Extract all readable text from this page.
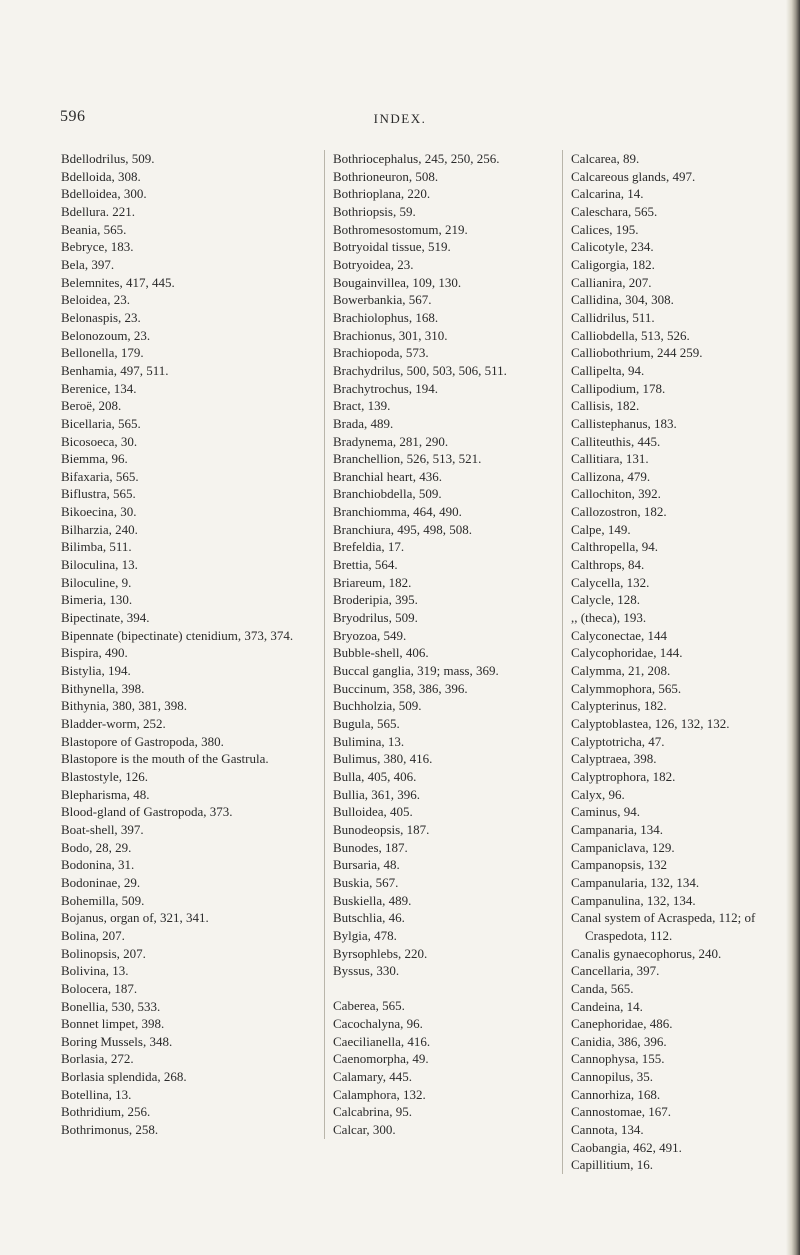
596	INDEX.
Bdellodrilus, 509.
Bdelloida, 308.
Bdelloidea, 300.
Bdellura. 221.
Beania, 565.
Bebryce, 183.
Bela, 397.
Belemnites, 417, 445.
Beloidea, 23.
Belonaspis, 23.
Belonozoum, 23.
Bellonella, 179.
Benhamia, 497, 511.
Berenice, 134.
Beroë, 208.
Bicellaria, 565.
Bicosoeca, 30.
Biemma, 96.
Bifaxaria, 565.
Biflustra, 565.
Bikoecina, 30.
Bilharzia, 240.
Bilimba, 511.
Biloculina, 13.
Biloculine, 9.
Bimeria, 130.
Bipectinate, 394.
Bipennate (bipectinate) ctenidium, 373, 374.
Bispira, 490.
Bistylia, 194.
Bithynella, 398.
Bithynia, 380, 381, 398.
Bladder-worm, 252.
Blastopore of Gastropoda, 380.
Blastopore is the mouth of the Gastrula.
Blastostyle, 126.
Blepharisma, 48.
Blood-gland of Gastropoda, 373.
Boat-shell, 397.
Bodo, 28, 29.
Bodonina, 31.
Bodoninae, 29.
Bohemilla, 509.
Bojanus, organ of, 321, 341.
Bolina, 207.
Bolinopsis, 207.
Bolivina, 13.
Bolocera, 187.
Bonellia, 530, 533.
Bonnet limpet, 398.
Boring Mussels, 348.
Borlasia, 272.
Borlasia splendida, 268.
Botellina, 13.
Bothridium, 256.
Bothrimonus, 258.
Bothriocephalus, 245, 250, 256.
Bothrioneuron, 508.
Bothrioplana, 220.
Bothriopsis, 59.
Bothromesostomum, 219.
Botryoidal tissue, 519.
Botryoidea, 23.
Bougainvillea, 109, 130.
Bowerbankia, 567.
Brachiolophus, 168.
Brachionus, 301, 310.
Brachiopoda, 573.
Brachydrilus, 500, 503, 506, 511.
Brachytrochus, 194.
Bract, 139.
Brada, 489.
Bradynema, 281, 290.
Branchellion, 526, 513, 521.
Branchial heart, 436.
Branchiobdella, 509.
Branchiomma, 464, 490.
Branchiura, 495, 498, 508.
Brefeldia, 17.
Brettia, 564.
Briareum, 182.
Broderipia, 395.
Bryodrilus, 509.
Bryozoa, 549.
Bubble-shell, 406.
Buccal ganglia, 319; mass, 369.
Buccinum, 358, 386, 396.
Buchholzia, 509.
Bugula, 565.
Bulimina, 13.
Bulimus, 380, 416.
Bulla, 405, 406.
Bullia, 361, 396.
Bulloidea, 405.
Bunodeopsis, 187.
Bunodes, 187.
Bursaria, 48.
Buskia, 567.
Buskiella, 489.
Butschlia, 46.
Bylgia, 478.
Byrsophlebs, 220.
Byssus, 330.
Caberea, 565.
Cacochalyna, 96.
Caecilianella, 416.
Caenomorpha, 49.
Calamary, 445.
Calamphora, 132.
Calcabrina, 95.
Calcar, 300.
Calcarea, 89.
Calcareous glands, 497.
Calcarina, 14.
Caleschara, 565.
Calices, 195.
Calicotyle, 234.
Caligorgia, 182.
Callianira, 207.
Callidina, 304, 308.
Callidrilus, 511.
Calliobdella, 513, 526.
Calliobothrium, 244 259.
Callipelta, 94.
Callipodium, 178.
Callisis, 182.
Callistephanus, 183.
Calliteuthis, 445.
Callitiara, 131.
Callizona, 479.
Callochiton, 392.
Callozostron, 182.
Calpe, 149.
Calthropella, 94.
Calthrops, 84.
Calycella, 132.
Calycle, 128.
,, (theca), 193.
Calyconectae, 144
Calycophoridae, 144.
Calymma, 21, 208.
Calymmophora, 565.
Calypterinus, 182.
Calyptoblastea, 126, 132, 132.
Calyptotricha, 47.
Calyptraea, 398.
Calyptrophora, 182.
Calyx, 96.
Caminus, 94.
Campanaria, 134.
Campaniclava, 129.
Campanopsis, 132
Campanularia, 132, 134.
Campanulina, 132, 134.
Canal system of Acraspeda, 112; of Craspedota, 112.
Canalis gynaecophorus, 240.
Cancellaria, 397.
Canda, 565.
Candeina, 14.
Canephoridae, 486.
Canidia, 386, 396.
Cannophysa, 155.
Cannopilus, 35.
Cannorhiza, 168.
Cannostomae, 167.
Cannota, 134.
Caobangia, 462, 491.
Capillitium, 16.
